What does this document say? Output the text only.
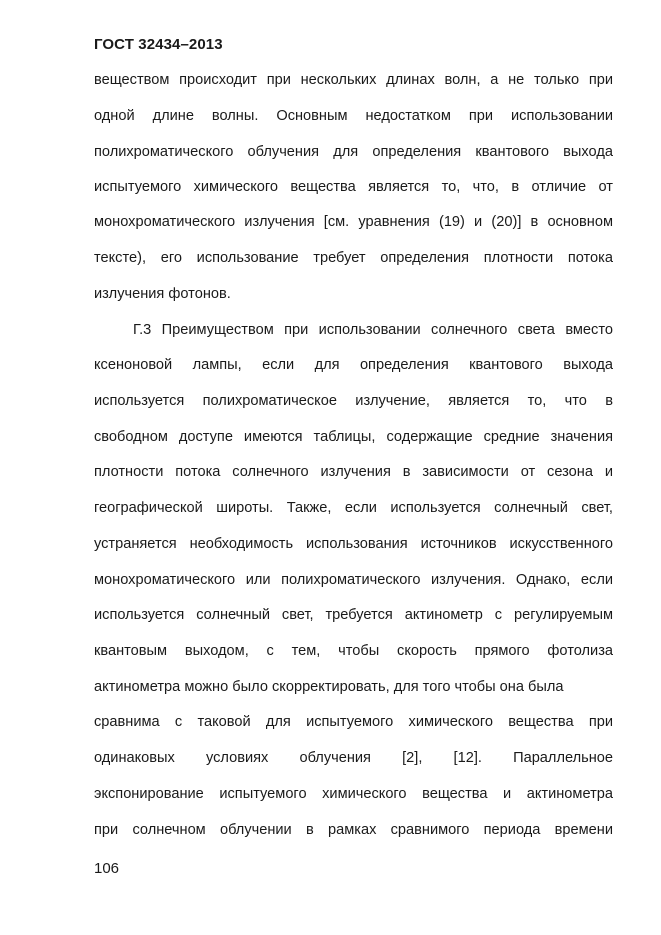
ГОСТ 32434–2013
веществом происходит при нескольких длинах волн, а не только при
одной длине волны. Основным недостатком при использовании
полихроматического облучения для определения квантового выхода
испытуемого химического вещества является то, что, в отличие от
монохроматического излучения [см. уравнения (19) и (20)] в основном
тексте), его использование требует определения плотности потока
излучения фотонов.
Г.3 Преимуществом при использовании солнечного света вместо
ксеноновой лампы, если для определения квантового выхода
используется полихроматическое излучение, является то, что в
свободном доступе имеются таблицы, содержащие средние значения
плотности потока солнечного излучения в зависимости от сезона и
географической широты. Также, если используется солнечный свет,
устраняется необходимость использования источников искусственного
монохроматического или полихроматического излучения. Однако, если
используется солнечный свет, требуется актинометр с регулируемым
квантовым выходом, с тем, чтобы скорость прямого фотолиза
актинометра можно было скорректировать, для того чтобы она была
сравнима с таковой для испытуемого химического вещества при
одинаковых условиях облучения [2], [12]. Параллельное
экспонирование испытуемого химического вещества и актинометра
при солнечном облучении в рамках сравнимого периода времени
106
